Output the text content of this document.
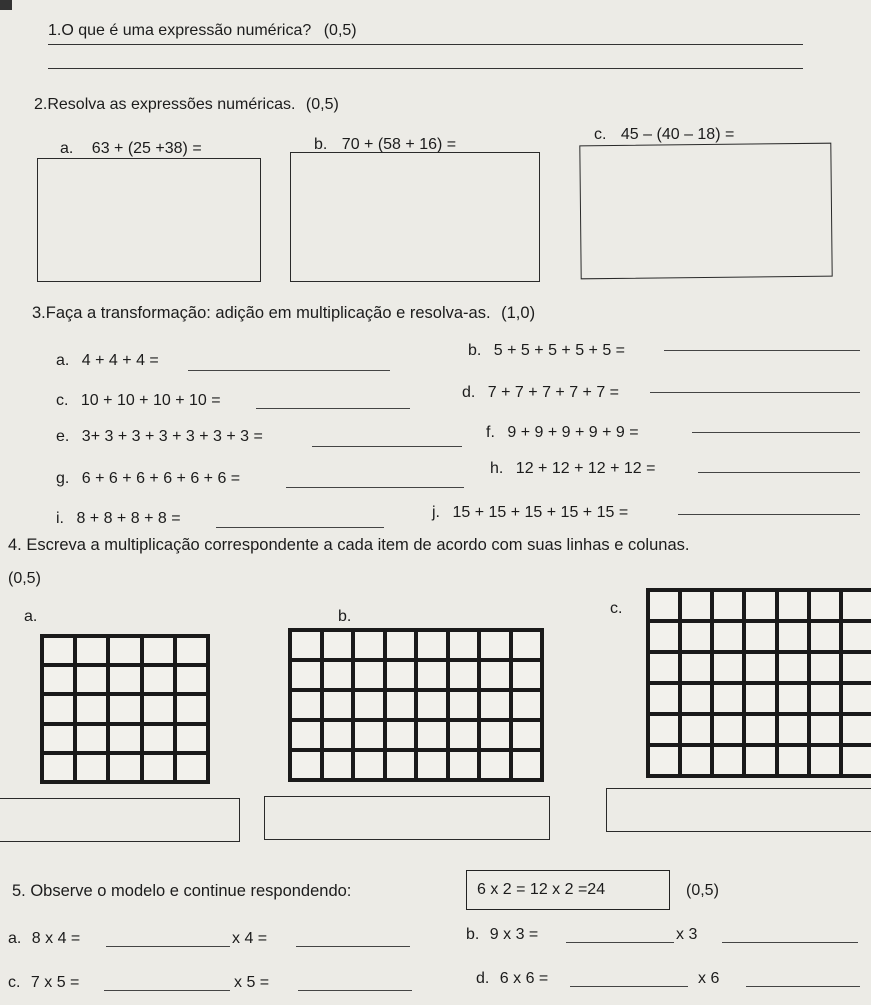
1.O que é uma expressão numérica? (0,5)
2.Resolva as expressões numéricas. (0,5)
a. 63 + (25 +38) =	b. 70 + (58 + 16) =
c. 45 – (40 – 18) =
3.Faça a transformação: adição em multiplicação e resolva-as. (1,0)
a. 4 + 4 + 4 =
c. 10 + 10 + 10 + 10 =
e. 3+ 3 + 3 + 3 + 3 + 3 + 3 =
g. 6 + 6 + 6 + 6 + 6 + 6 =
i. 8 + 8 + 8 + 8 =
b. 5 + 5 + 5 + 5 + 5 =
d. 7 + 7 + 7 + 7 + 7 =
f. 9 + 9 + 9 + 9 + 9 =
h. 12 + 12 + 12 + 12 =
j. 15 + 15 + 15 + 15 + 15 =
4. Escreva a multiplicação correspondente a cada item de acordo com suas linhas e colunas.
(0,5)
a.	b.	c.
5. Observe o modelo e continue respondendo:	6 x 2 = 12 x 2 =24	(0,5)
a. 8 x 4 =	x 4 =	b. 9 x 3 =	x 3
c. 7 x 5 =	x 5 =	d. 6 x 6 =	x 6
